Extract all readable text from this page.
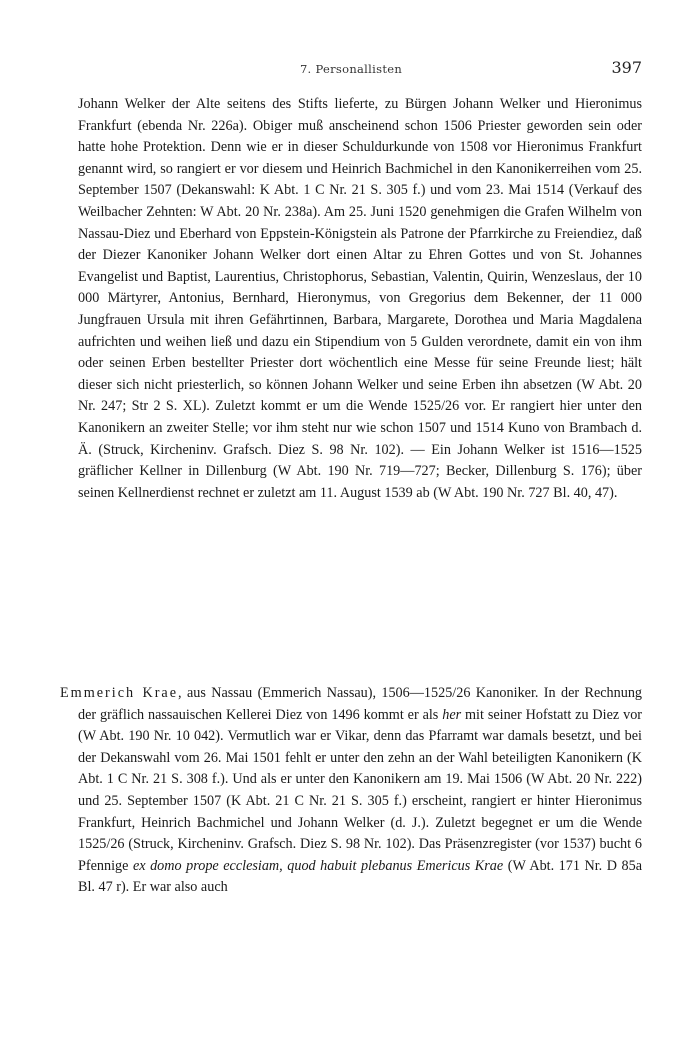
7. Personallisten	397
Johann Welker der Alte seitens des Stifts lieferte, zu Bürgen Johann Welker und Hieronimus Frankfurt (ebenda Nr. 226a). Obiger muß anscheinend schon 1506 Priester geworden sein oder hatte hohe Protektion. Denn wie er in dieser Schuldurkunde von 1508 vor Hieronimus Frankfurt genannt wird, so rangiert er vor diesem und Heinrich Bachmichel in den Kanonikerreihen vom 25. September 1507 (Dekanswahl: K Abt. 1 C Nr. 21 S. 305 f.) und vom 23. Mai 1514 (Verkauf des Weilbacher Zehnten: W Abt. 20 Nr. 238a). Am 25. Juni 1520 genehmigen die Grafen Wilhelm von Nassau-Diez und Eberhard von Eppstein-Königstein als Patrone der Pfarrkirche zu Freiendiez, daß der Diezer Kanoniker Johann Welker dort einen Altar zu Ehren Gottes und von St. Johannes Evangelist und Baptist, Laurentius, Christophorus, Sebastian, Valentin, Quirin, Wenzeslaus, der 10 000 Märtyrer, Antonius, Bernhard, Hieronymus, von Gregorius dem Bekenner, der 11 000 Jungfrauen Ursula mit ihren Gefährtinnen, Barbara, Margarete, Dorothea und Maria Magdalena aufrichten und weihen ließ und dazu ein Stipendium von 5 Gulden verordnete, damit ein von ihm oder seinen Erben bestellter Priester dort wöchentlich eine Messe für seine Freunde liest; hält dieser sich nicht priesterlich, so können Johann Welker und seine Erben ihn absetzen (W Abt. 20 Nr. 247; Str 2 S. XL). Zuletzt kommt er um die Wende 1525/26 vor. Er rangiert hier unter den Kanonikern an zweiter Stelle; vor ihm steht nur wie schon 1507 und 1514 Kuno von Brambach d. Ä. (Struck, Kircheninv. Grafsch. Diez S. 98 Nr. 102). — Ein Johann Welker ist 1516—1525 gräflicher Kellner in Dillenburg (W Abt. 190 Nr. 719—727; Becker, Dillenburg S. 176); über seinen Kellnerdienst rechnet er zuletzt am 11. August 1539 ab (W Abt. 190 Nr. 727 Bl. 40, 47).
Emmerich Krae, aus Nassau (Emmerich Nassau), 1506—1525/26 Kanoniker. In der Rechnung der gräflich nassauischen Kellerei Diez von 1496 kommt er als her mit seiner Hofstatt zu Diez vor (W Abt. 190 Nr. 10 042). Vermutlich war er Vikar, denn das Pfarramt war damals besetzt, und bei der Dekanswahl vom 26. Mai 1501 fehlt er unter den zehn an der Wahl beteiligten Kanonikern (K Abt. 1 C Nr. 21 S. 308 f.). Und als er unter den Kanonikern am 19. Mai 1506 (W Abt. 20 Nr. 222) und 25. September 1507 (K Abt. 21 C Nr. 21 S. 305 f.) erscheint, rangiert er hinter Hieronimus Frankfurt, Heinrich Bachmichel und Johann Welker (d. J.). Zuletzt begegnet er um die Wende 1525/26 (Struck, Kircheninv. Grafsch. Diez S. 98 Nr. 102). Das Präsenzregister (vor 1537) bucht 6 Pfennige ex domo prope ecclesiam, quod habuit plebanus Emericus Krae (W Abt. 171 Nr. D 85a Bl. 47 r). Er war also auch
